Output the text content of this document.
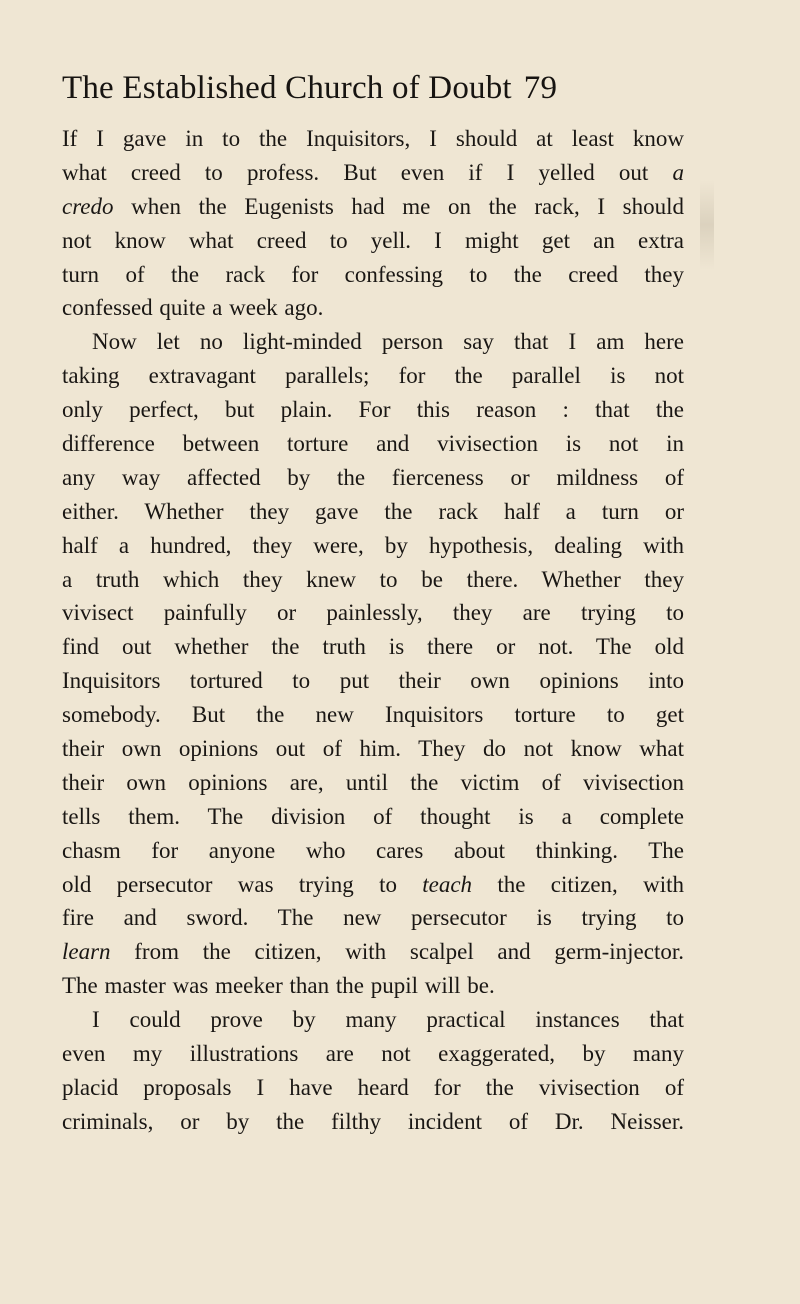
The Established Church of Doubt 79
If I gave in to the Inquisitors, I should at least know
what creed to profess. But even if I yelled out a
credo when the Eugenists had me on the rack, I should
not know what creed to yell. I might get an extra
turn of the rack for confessing to the creed they
confessed quite a week ago.
Now let no light-minded person say that I am here
taking extravagant parallels; for the parallel is not
only perfect, but plain. For this reason : that the
difference between torture and vivisection is not in
any way affected by the fierceness or mildness of
either. Whether they gave the rack half a turn or
half a hundred, they were, by hypothesis, dealing with
a truth which they knew to be there. Whether they
vivisect painfully or painlessly, they are trying to
find out whether the truth is there or not. The old
Inquisitors tortured to put their own opinions into
somebody. But the new Inquisitors torture to get
their own opinions out of him. They do not know what
their own opinions are, until the victim of vivisection
tells them. The division of thought is a complete
chasm for anyone who cares about thinking. The
old persecutor was trying to teach the citizen, with
fire and sword. The new persecutor is trying to
learn from the citizen, with scalpel and germ-injector.
The master was meeker than the pupil will be.
I could prove by many practical instances that
even my illustrations are not exaggerated, by many
placid proposals I have heard for the vivisection of
criminals, or by the filthy incident of Dr. Neisser.
